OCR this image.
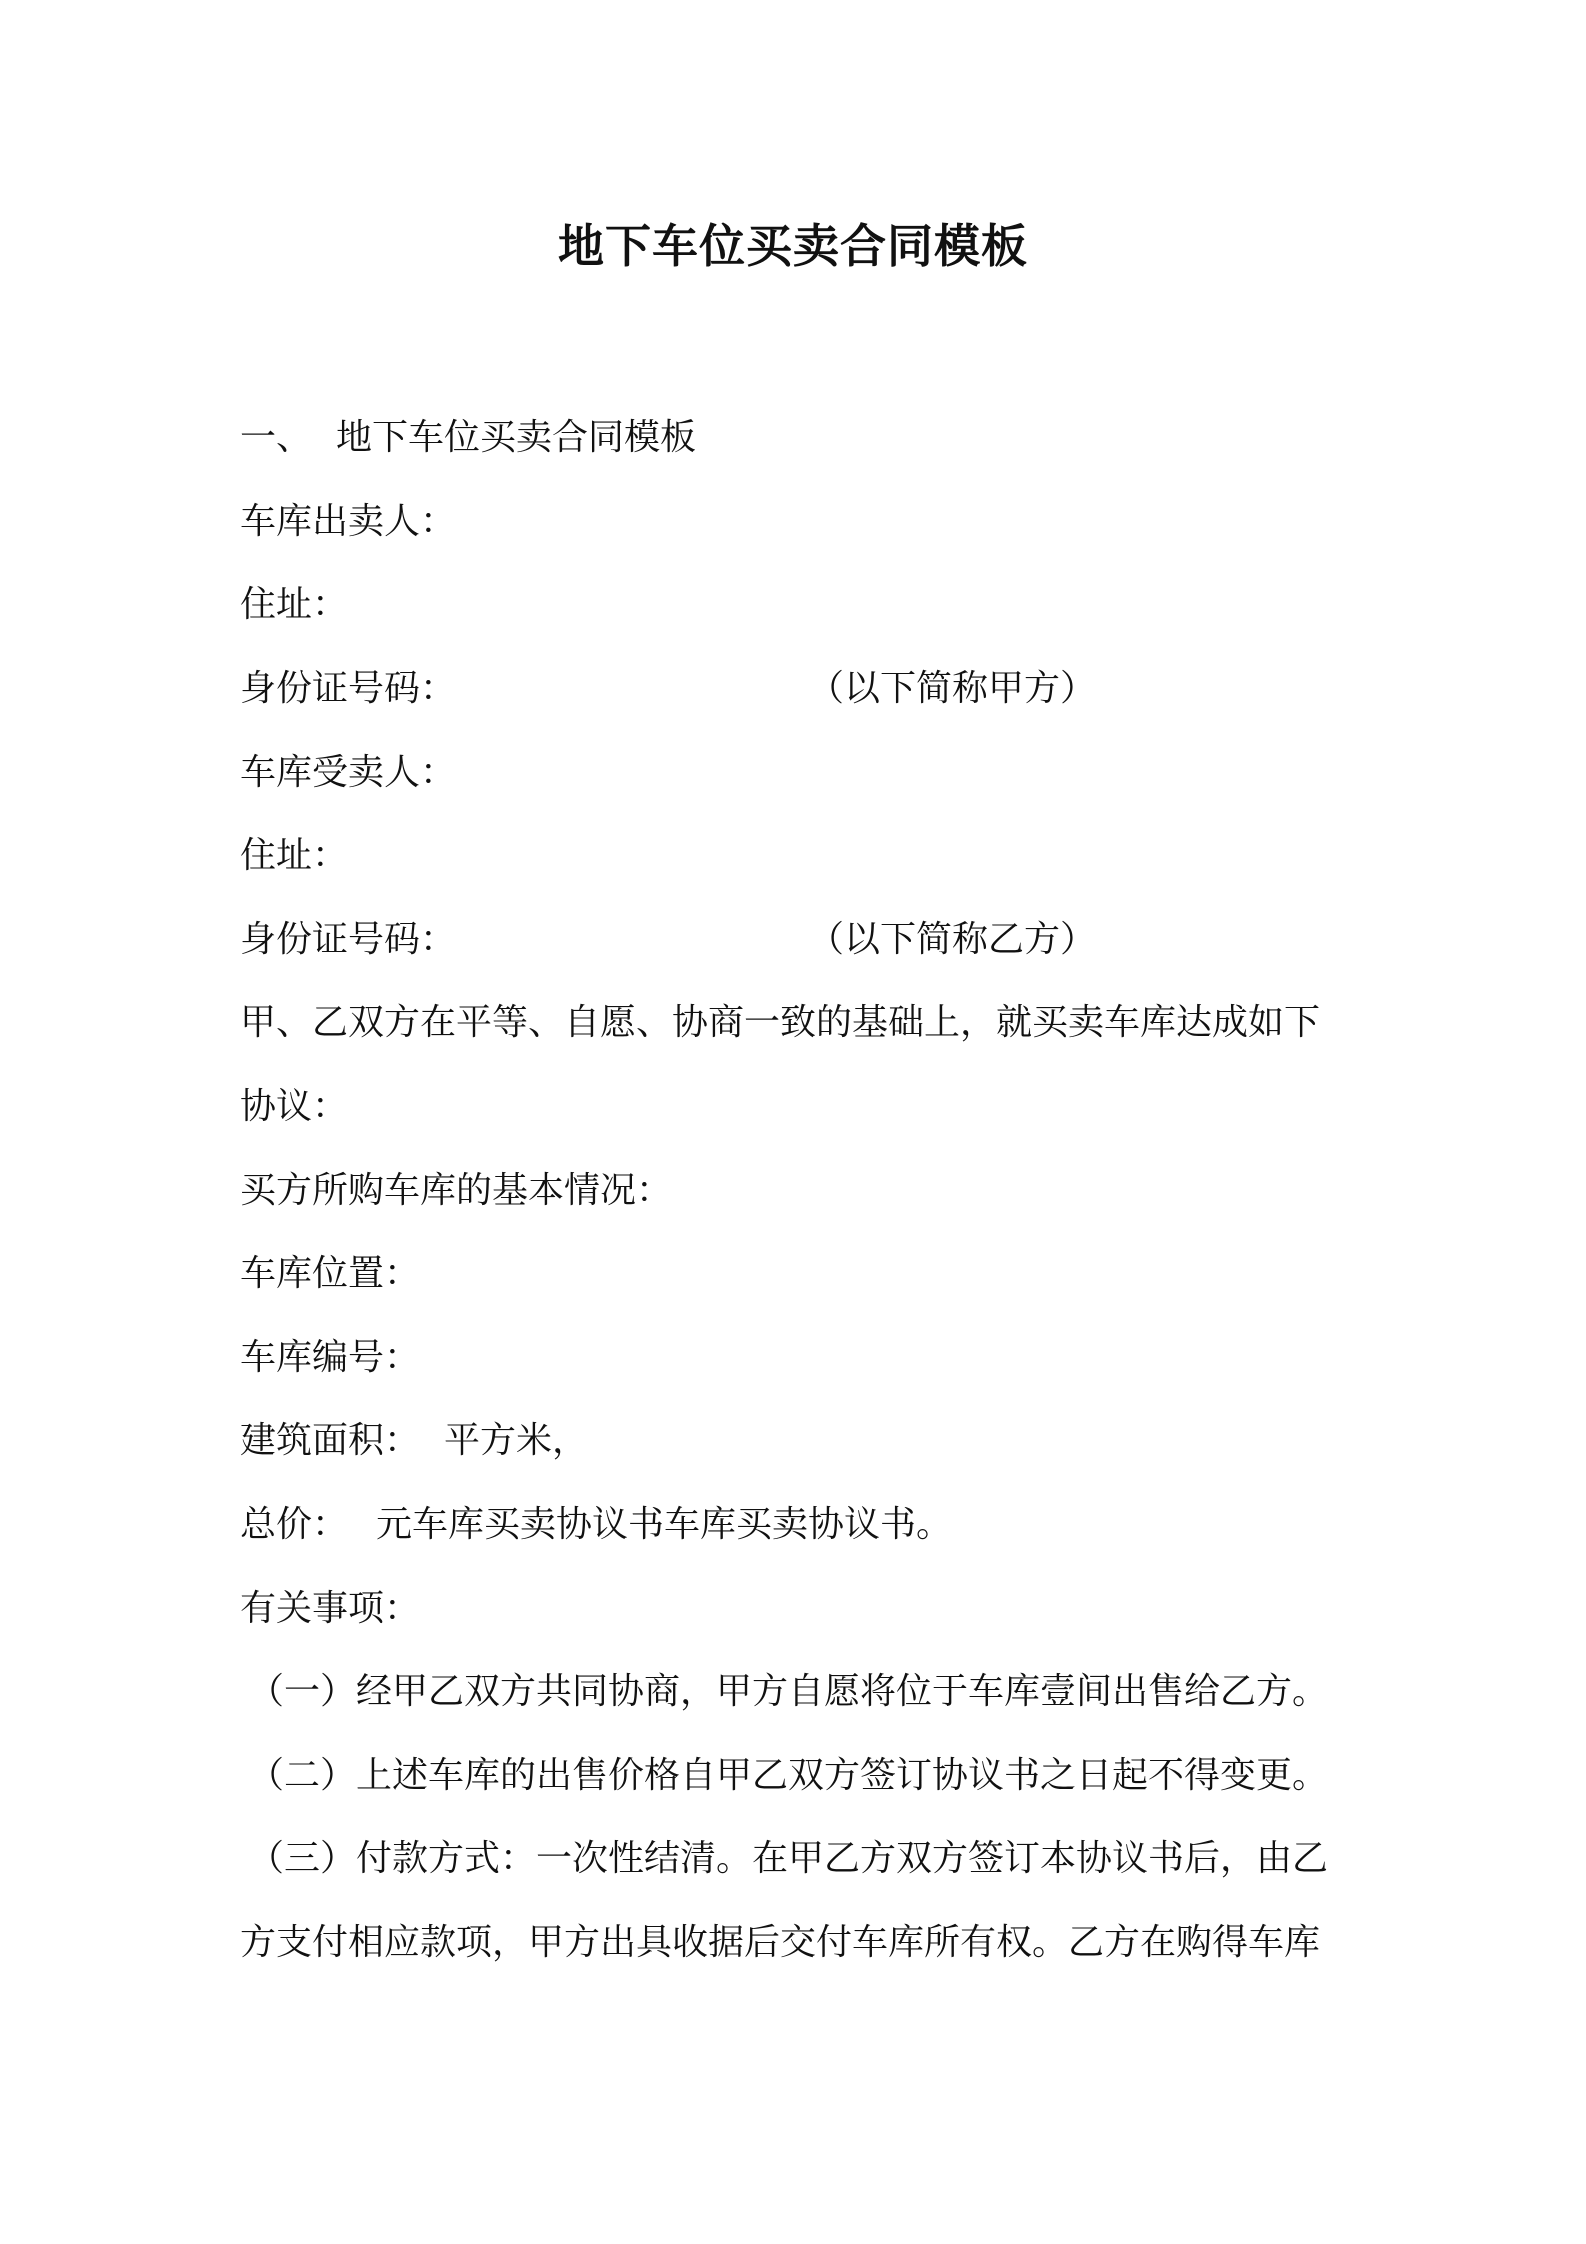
地下车位买卖合同模板
一、 地下车位买卖合同模板
车库出卖人：
住址：
身份证号码：	（以下简称甲方）
车库受卖人：
住址：
身份证号码：	（以下简称乙方）
甲、乙双方在平等、自愿、协商一致的基础上，就买卖车库达成如下
协议：
买方所购车库的基本情况：
车库位置：
车库编号：
建筑面积： 平方米，
总价： 元车库买卖协议书车库买卖协议书。
有关事项：
（一）经甲乙双方共同协商，甲方自愿将位于车库壹间出售给乙方。
（二）上述车库的出售价格自甲乙双方签订协议书之日起不得变更。
（三）付款方式：一次性结清。在甲乙方双方签订本协议书后，由乙
方支付相应款项，甲方出具收据后交付车库所有权。乙方在购得车库
